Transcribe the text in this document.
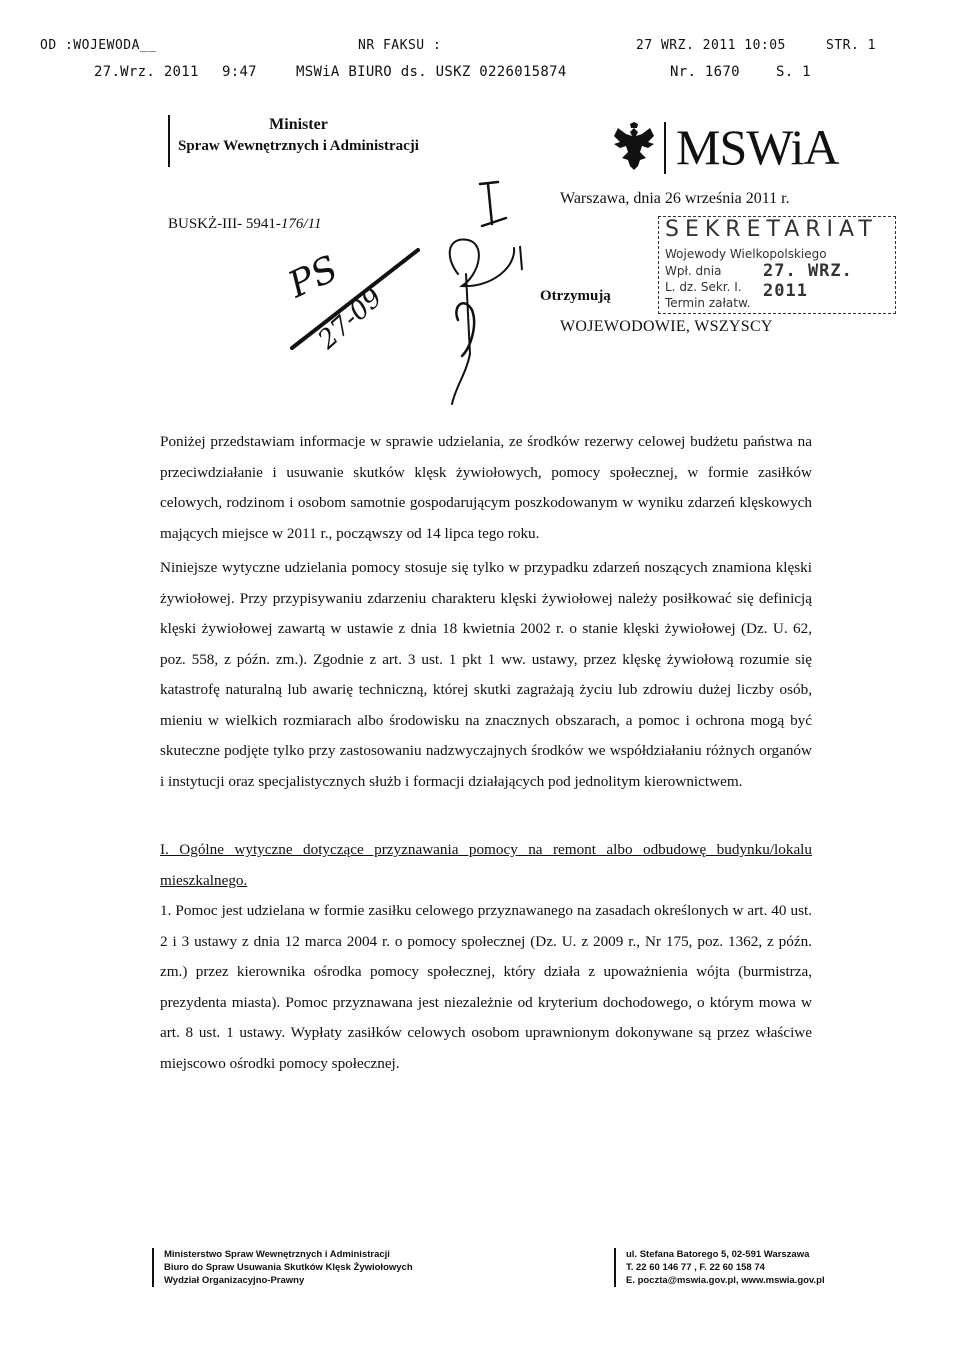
OD :WOJEWODA__	NR FAKSU :	27 WRZ. 2011 10:05	STR. 1
27.Wrz. 2011 9:47	MSWiA BIURO ds. USKZ 0226015874	Nr. 1670	S. 1
Minister
Spraw Wewnętrznych i Administracji	MSWiA
BUSKŻ-III- 5941-176/11
Warszawa, dnia 26 września 2011 r.
PS
27-09
SEKRETARIAT
Wojewody Wielkopolskiego
Wpł. dnia 27. WRZ. 2011
L. dz. Sekr. I.
Termin załatw.
Otrzymują
WOJEWODOWIE, WSZYSCY

Poniżej przedstawiam informacje w sprawie udzielania, ze środków rezerwy celowej budżetu państwa na przeciwdziałanie i usuwanie skutków klęsk żywiołowych, pomocy społecznej, w formie zasiłków celowych, rodzinom i osobom samotnie gospodarującym poszkodowanym w wyniku zdarzeń klęskowych mających miejsce w 2011 r., począwszy od 14 lipca tego roku.

Niniejsze wytyczne udzielania pomocy stosuje się tylko w przypadku zdarzeń noszących znamiona klęski żywiołowej. Przy przypisywaniu zdarzeniu charakteru klęski żywiołowej należy posiłkować się definicją klęski żywiołowej zawartą w ustawie z dnia 18 kwietnia 2002 r. o stanie klęski żywiołowej (Dz. U. 62, poz. 558, z późn. zm.). Zgodnie z art. 3 ust. 1 pkt 1 ww. ustawy, przez klęskę żywiołową rozumie się katastrofę naturalną lub awarię techniczną, której skutki zagrażają życiu lub zdrowiu dużej liczby osób, mieniu w wielkich rozmiarach albo środowisku na znacznych obszarach, a pomoc i ochrona mogą być skuteczne podjęte tylko przy zastosowaniu nadzwyczajnych środków we współdziałaniu różnych organów i instytucji oraz specjalistycznych służb i formacji działających pod jednolitym kierownictwem.

I. Ogólne wytyczne dotyczące przyznawania pomocy na remont albo odbudowę budynku/lokalu mieszkalnego.

1. Pomoc jest udzielana w formie zasiłku celowego przyznawanego na zasadach określonych w art. 40 ust. 2 i 3 ustawy z dnia 12 marca 2004 r. o pomocy społecznej (Dz. U. z 2009 r., Nr 175, poz. 1362, z późn. zm.) przez kierownika ośrodka pomocy społecznej, który działa z upoważnienia wójta (burmistrza, prezydenta miasta). Pomoc przyznawana jest niezależnie od kryterium dochodowego, o którym mowa w art. 8 ust. 1 ustawy. Wypłaty zasiłków celowych osobom uprawnionym dokonywane są przez właściwe miejscowo ośrodki pomocy społecznej.

Ministerstwo Spraw Wewnętrznych i Administracji
Biuro do Spraw Usuwania Skutków Klęsk Żywiołowych
Wydział Organizacyjno-Prawny
ul. Stefana Batorego 5, 02-591 Warszawa
T. 22 60 146 77 , F. 22 60 158 74
E. poczta@mswia.gov.pl, www.mswia.gov.pl
